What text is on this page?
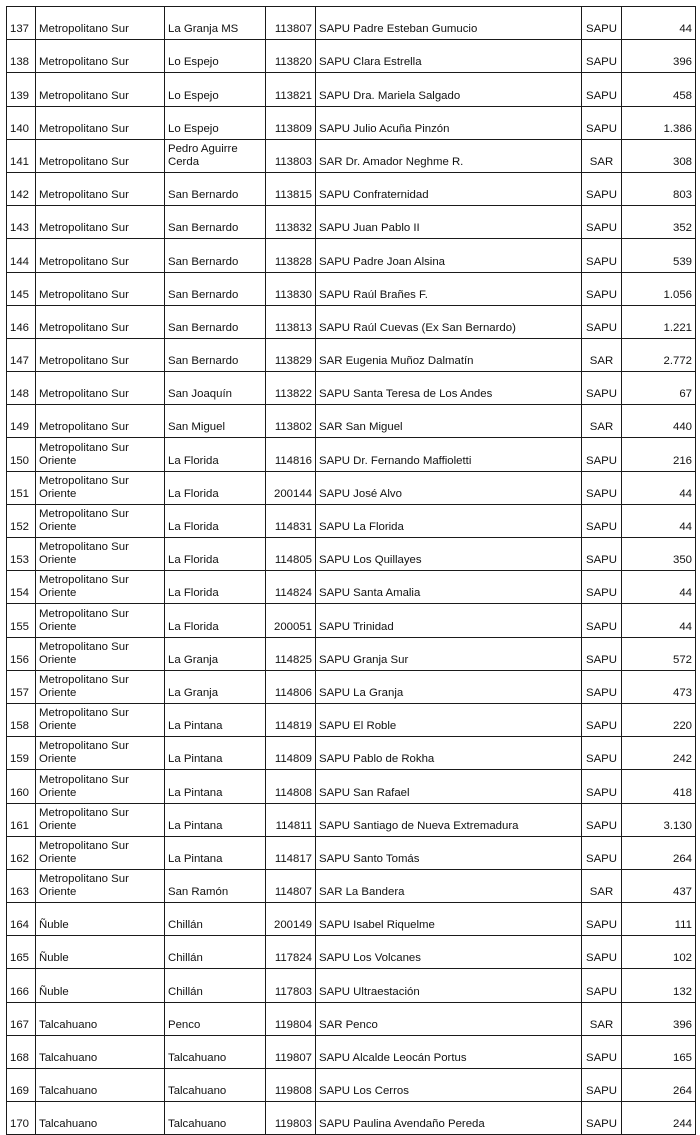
137	Metropolitano Sur	La Granja MS	113807	SAPU Padre Esteban Gumucio	SAPU	44
138	Metropolitano Sur	Lo Espejo	113820	SAPU Clara Estrella	SAPU	396
139	Metropolitano Sur	Lo Espejo	113821	SAPU Dra. Mariela Salgado	SAPU	458
140	Metropolitano Sur	Lo Espejo	113809	SAPU Julio Acuña Pinzón	SAPU	1.386
141	Metropolitano Sur	Pedro Aguirre Cerda	113803	SAR Dr. Amador Neghme R.	SAR	308
142	Metropolitano Sur	San Bernardo	113815	SAPU Confraternidad	SAPU	803
143	Metropolitano Sur	San Bernardo	113832	SAPU Juan Pablo II	SAPU	352
144	Metropolitano Sur	San Bernardo	113828	SAPU Padre Joan Alsina	SAPU	539
145	Metropolitano Sur	San Bernardo	113830	SAPU Raúl Brañes F.	SAPU	1.056
146	Metropolitano Sur	San Bernardo	113813	SAPU Raúl Cuevas (Ex San Bernardo)	SAPU	1.221
147	Metropolitano Sur	San Bernardo	113829	SAR Eugenia Muñoz Dalmatín	SAR	2.772
148	Metropolitano Sur	San Joaquín	113822	SAPU Santa Teresa de Los Andes	SAPU	67
149	Metropolitano Sur	San Miguel	113802	SAR San Miguel	SAR	440
150	Metropolitano Sur Oriente	La Florida	114816	SAPU Dr. Fernando Maffioletti	SAPU	216
151	Metropolitano Sur Oriente	La Florida	200144	SAPU José Alvo	SAPU	44
152	Metropolitano Sur Oriente	La Florida	114831	SAPU La Florida	SAPU	44
153	Metropolitano Sur Oriente	La Florida	114805	SAPU Los Quillayes	SAPU	350
154	Metropolitano Sur Oriente	La Florida	114824	SAPU Santa Amalia	SAPU	44
155	Metropolitano Sur Oriente	La Florida	200051	SAPU Trinidad	SAPU	44
156	Metropolitano Sur Oriente	La Granja	114825	SAPU Granja Sur	SAPU	572
157	Metropolitano Sur Oriente	La Granja	114806	SAPU La Granja	SAPU	473
158	Metropolitano Sur Oriente	La Pintana	114819	SAPU El Roble	SAPU	220
159	Metropolitano Sur Oriente	La Pintana	114809	SAPU Pablo de Rokha	SAPU	242
160	Metropolitano Sur Oriente	La Pintana	114808	SAPU San Rafael	SAPU	418
161	Metropolitano Sur Oriente	La Pintana	114811	SAPU Santiago de Nueva Extremadura	SAPU	3.130
162	Metropolitano Sur Oriente	La Pintana	114817	SAPU Santo Tomás	SAPU	264
163	Metropolitano Sur Oriente	San Ramón	114807	SAR La Bandera	SAR	437
164	Ñuble	Chillán	200149	SAPU Isabel Riquelme	SAPU	111
165	Ñuble	Chillán	117824	SAPU Los Volcanes	SAPU	102
166	Ñuble	Chillán	117803	SAPU Ultraestación	SAPU	132
167	Talcahuano	Penco	119804	SAR Penco	SAR	396
168	Talcahuano	Talcahuano	119807	SAPU Alcalde Leocán Portus	SAPU	165
169	Talcahuano	Talcahuano	119808	SAPU Los Cerros	SAPU	264
170	Talcahuano	Talcahuano	119803	SAPU Paulina Avendaño Pereda	SAPU	244
